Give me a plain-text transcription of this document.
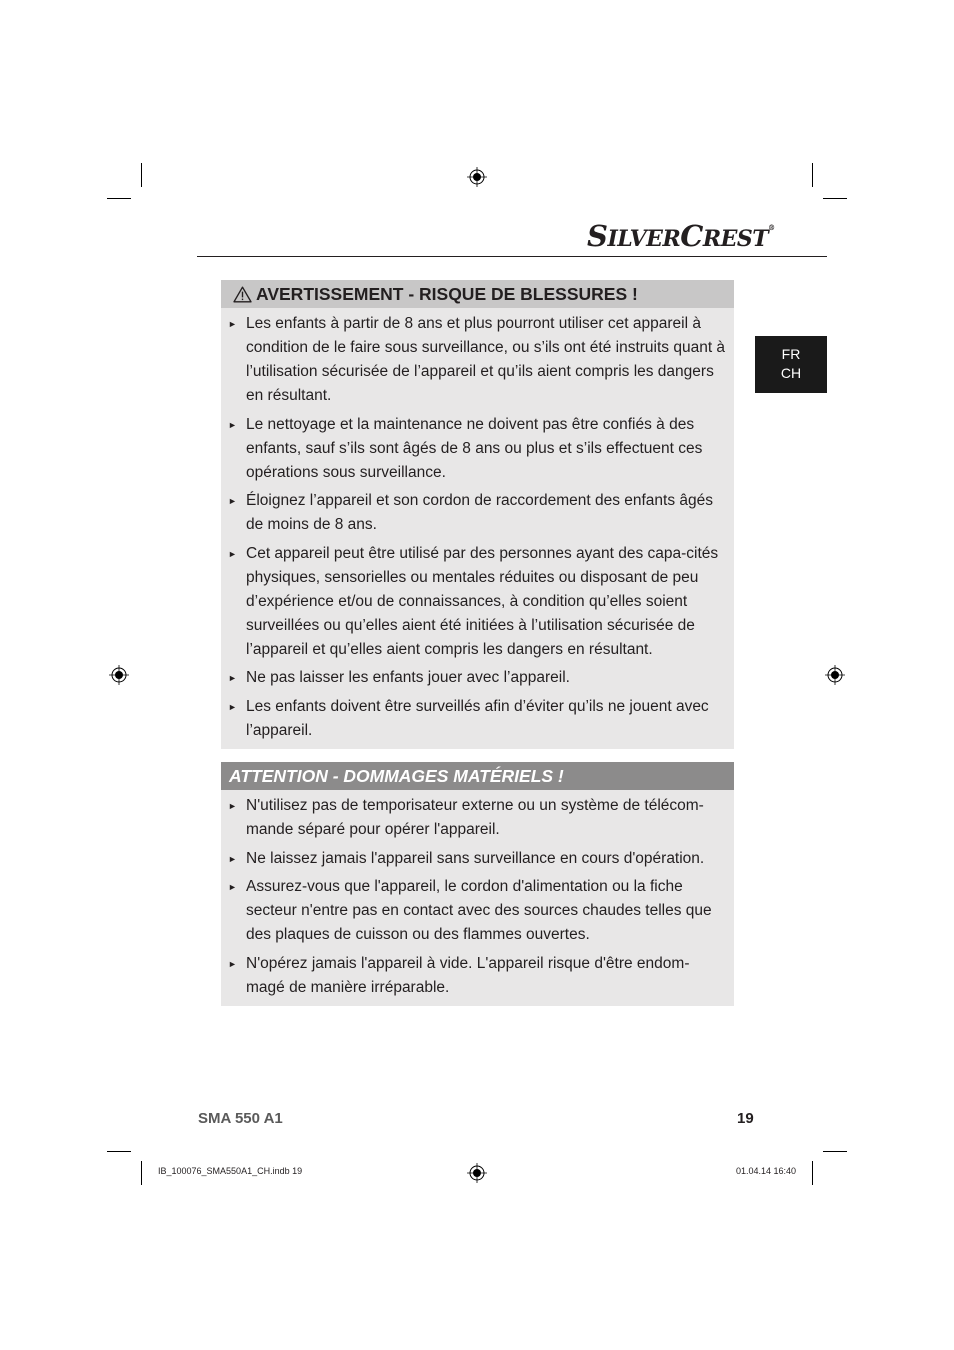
SILVERCREST®
FR
CH
AVERTISSEMENT - RISQUE DE BLESSURES !
► Les enfants à partir de 8 ans et plus pourront utiliser cet appareil à condition de le faire sous surveillance, ou s’ils ont été instruits quant à l’utilisation sécurisée de l’appareil et qu’ils aient compris les dangers en résultant.
► Le nettoyage et la maintenance ne doivent pas être confiés à des enfants, sauf s’ils sont âgés de 8 ans ou plus et s’ils effectuent ces opérations sous surveillance.
► Éloignez l’appareil et son cordon de raccordement des enfants âgés de moins de 8 ans.
► Cet appareil peut être utilisé par des personnes ayant des capa-cités physiques, sensorielles ou mentales réduites ou disposant de peu d’expérience et/ou de connaissances, à condition qu’elles soient surveillées ou qu’elles aient été initiées à l’utilisation sécurisée de l’appareil et qu’elles aient compris les dangers en résultant.
► Ne pas laisser les enfants jouer avec l’appareil.
► Les enfants doivent être surveillés afin d’éviter qu’ils ne jouent avec l’appareil.
ATTENTION - DOMMAGES MATÉRIELS !
► N'utilisez pas de temporisateur externe ou un système de télécom-mande séparé pour opérer l'appareil.
► Ne laissez jamais l'appareil sans surveillance en cours d'opération.
► Assurez-vous que l'appareil, le cordon d'alimentation ou la fiche secteur n'entre pas en contact avec des sources chaudes telles que des plaques de cuisson ou des flammes ouvertes.
► N'opérez jamais l'appareil à vide. L'appareil risque d'être endom-magé de manière irréparable.
SMA 550 A1	19
IB_100076_SMA550A1_CH.indb 19	01.04.14 16:40
